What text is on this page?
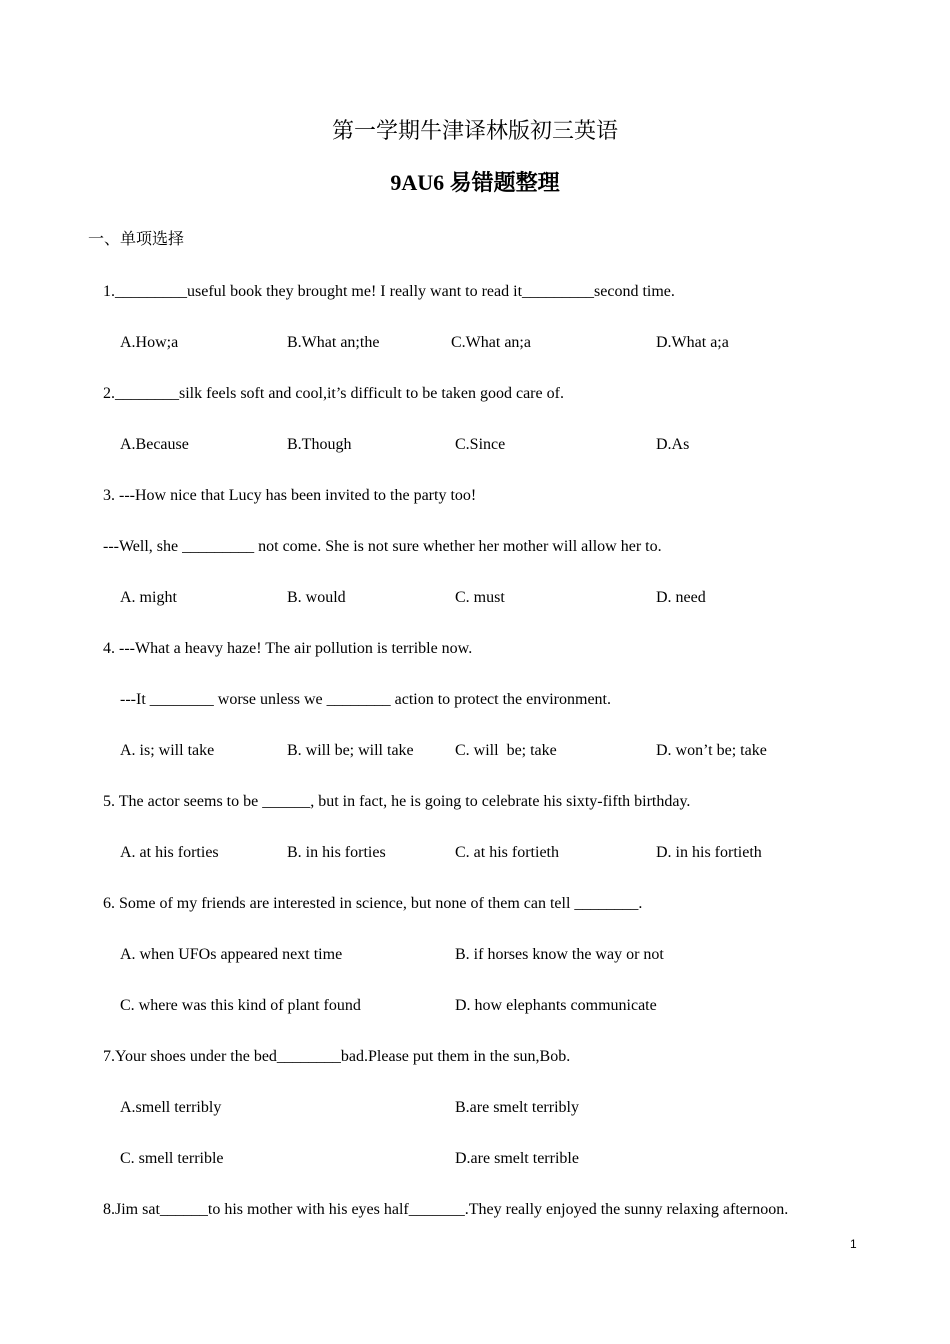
第一学期牛津译林版初三英语
9AU6 易错题整理
一、单项选择
1._________useful book they brought me! I really want to read it_________second time.
A.How;a	B.What an;the	C.What an;a	D.What a;a
2.________silk feels soft and cool,it’s difficult to be taken good care of.
A.Because	B.Though	C.Since	D.As
3. ---How nice that Lucy has been invited to the party too!
---Well, she _________ not come. She is not sure whether her mother will allow her to.
A. might	B. would	C. must	D. need
4. ---What a heavy haze! The air pollution is terrible now.
---It ________ worse unless we ________ action to protect the environment.
A. is; will take	B. will be; will take	C. will  be; take	D. won’t be; take
5. The actor seems to be ______, but in fact, he is going to celebrate his sixty-fifth birthday.
A. at his forties	B. in his forties	C. at his fortieth	D. in his fortieth
6. Some of my friends are interested in science, but none of them can tell ________.
A. when UFOs appeared next time	B. if horses know the way or not
C. where was this kind of plant found	D. how elephants communicate
7.Your shoes under the bed________bad.Please put them in the sun,Bob.
A.smell terribly	B.are smelt terribly
C. smell terrible	D.are smelt terrible
8.Jim sat______to his mother with his eyes half_______.They really enjoyed the sunny relaxing afternoon.
1
